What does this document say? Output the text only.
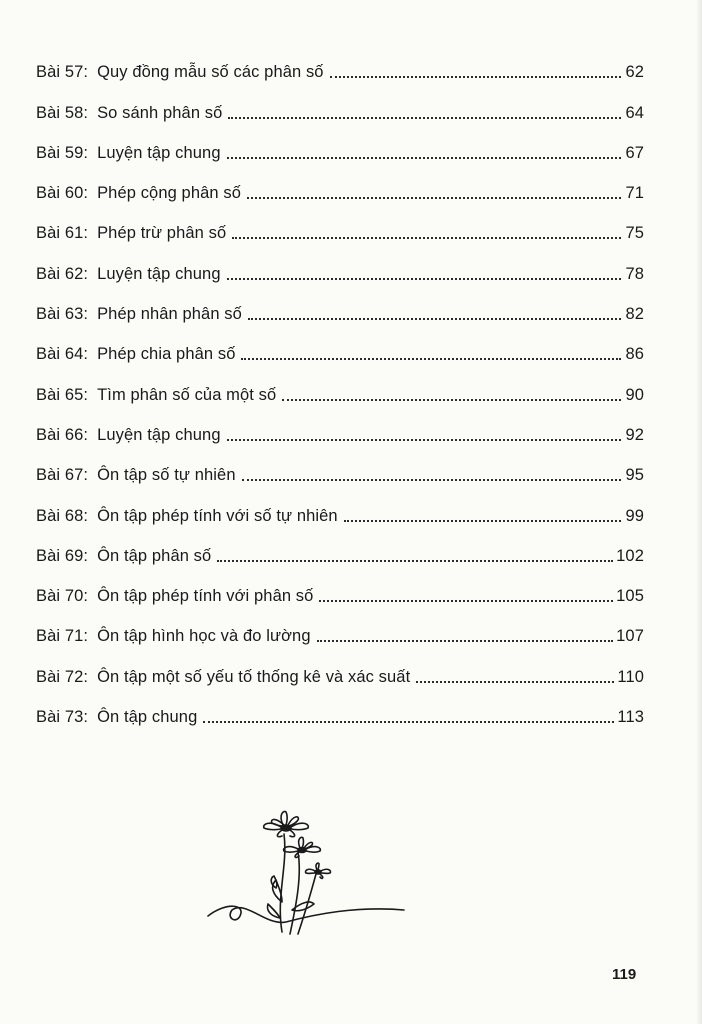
Bài 57: Quy đồng mẫu số các phân số	62
Bài 58: So sánh phân số	64
Bài 59: Luyện tập chung	67
Bài 60: Phép cộng phân số	71
Bài 61: Phép trừ phân số	75
Bài 62: Luyện tập chung	78
Bài 63: Phép nhân phân số	82
Bài 64: Phép chia phân số	86
Bài 65: Tìm phân số của một số	90
Bài 66: Luyện tập chung	92
Bài 67: Ôn tập số tự nhiên	95
Bài 68: Ôn tập phép tính với số tự nhiên	99
Bài 69: Ôn tập phân số	102
Bài 70: Ôn tập phép tính với phân số	105
Bài 71: Ôn tập hình học và đo lường	107
Bài 72: Ôn tập một số yếu tố thống kê và xác suất	110
Bài 73: Ôn tập chung	113
119
